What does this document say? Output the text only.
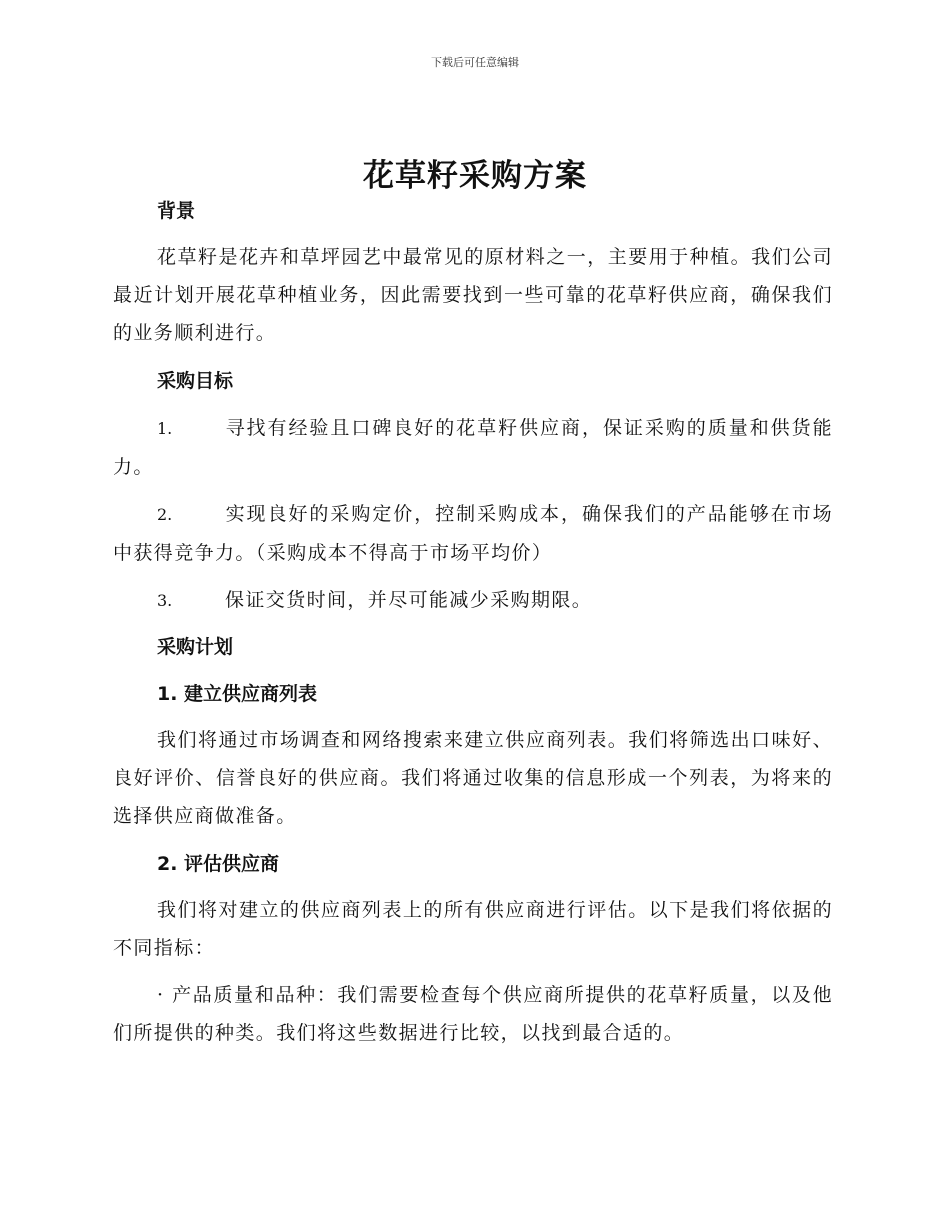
下载后可任意编辑
花草籽采购方案
背景

花草籽是花卉和草坪园艺中最常见的原材料之一，主要用于种植。我们公司最近计划开展花草种植业务，因此需要找到一些可靠的花草籽供应商，确保我们的业务顺利进行。

采购目标

1.	寻找有经验且口碑良好的花草籽供应商，保证采购的质量和供货能力。

2.	实现良好的采购定价，控制采购成本，确保我们的产品能够在市场中获得竞争力。（采购成本不得高于市场平均价）

3.	保证交货时间，并尽可能减少采购期限。

采购计划
1. 建立供应商列表

我们将通过市场调查和网络搜索来建立供应商列表。我们将筛选出口味好、良好评价、信誉良好的供应商。我们将通过收集的信息形成一个列表，为将来的选择供应商做准备。

2. 评估供应商

我们将对建立的供应商列表上的所有供应商进行评估。以下是我们将依据的不同指标：

· 产品质量和品种：我们需要检查每个供应商所提供的花草籽质量，以及他们所提供的种类。我们将这些数据进行比较，以找到最合适的。
